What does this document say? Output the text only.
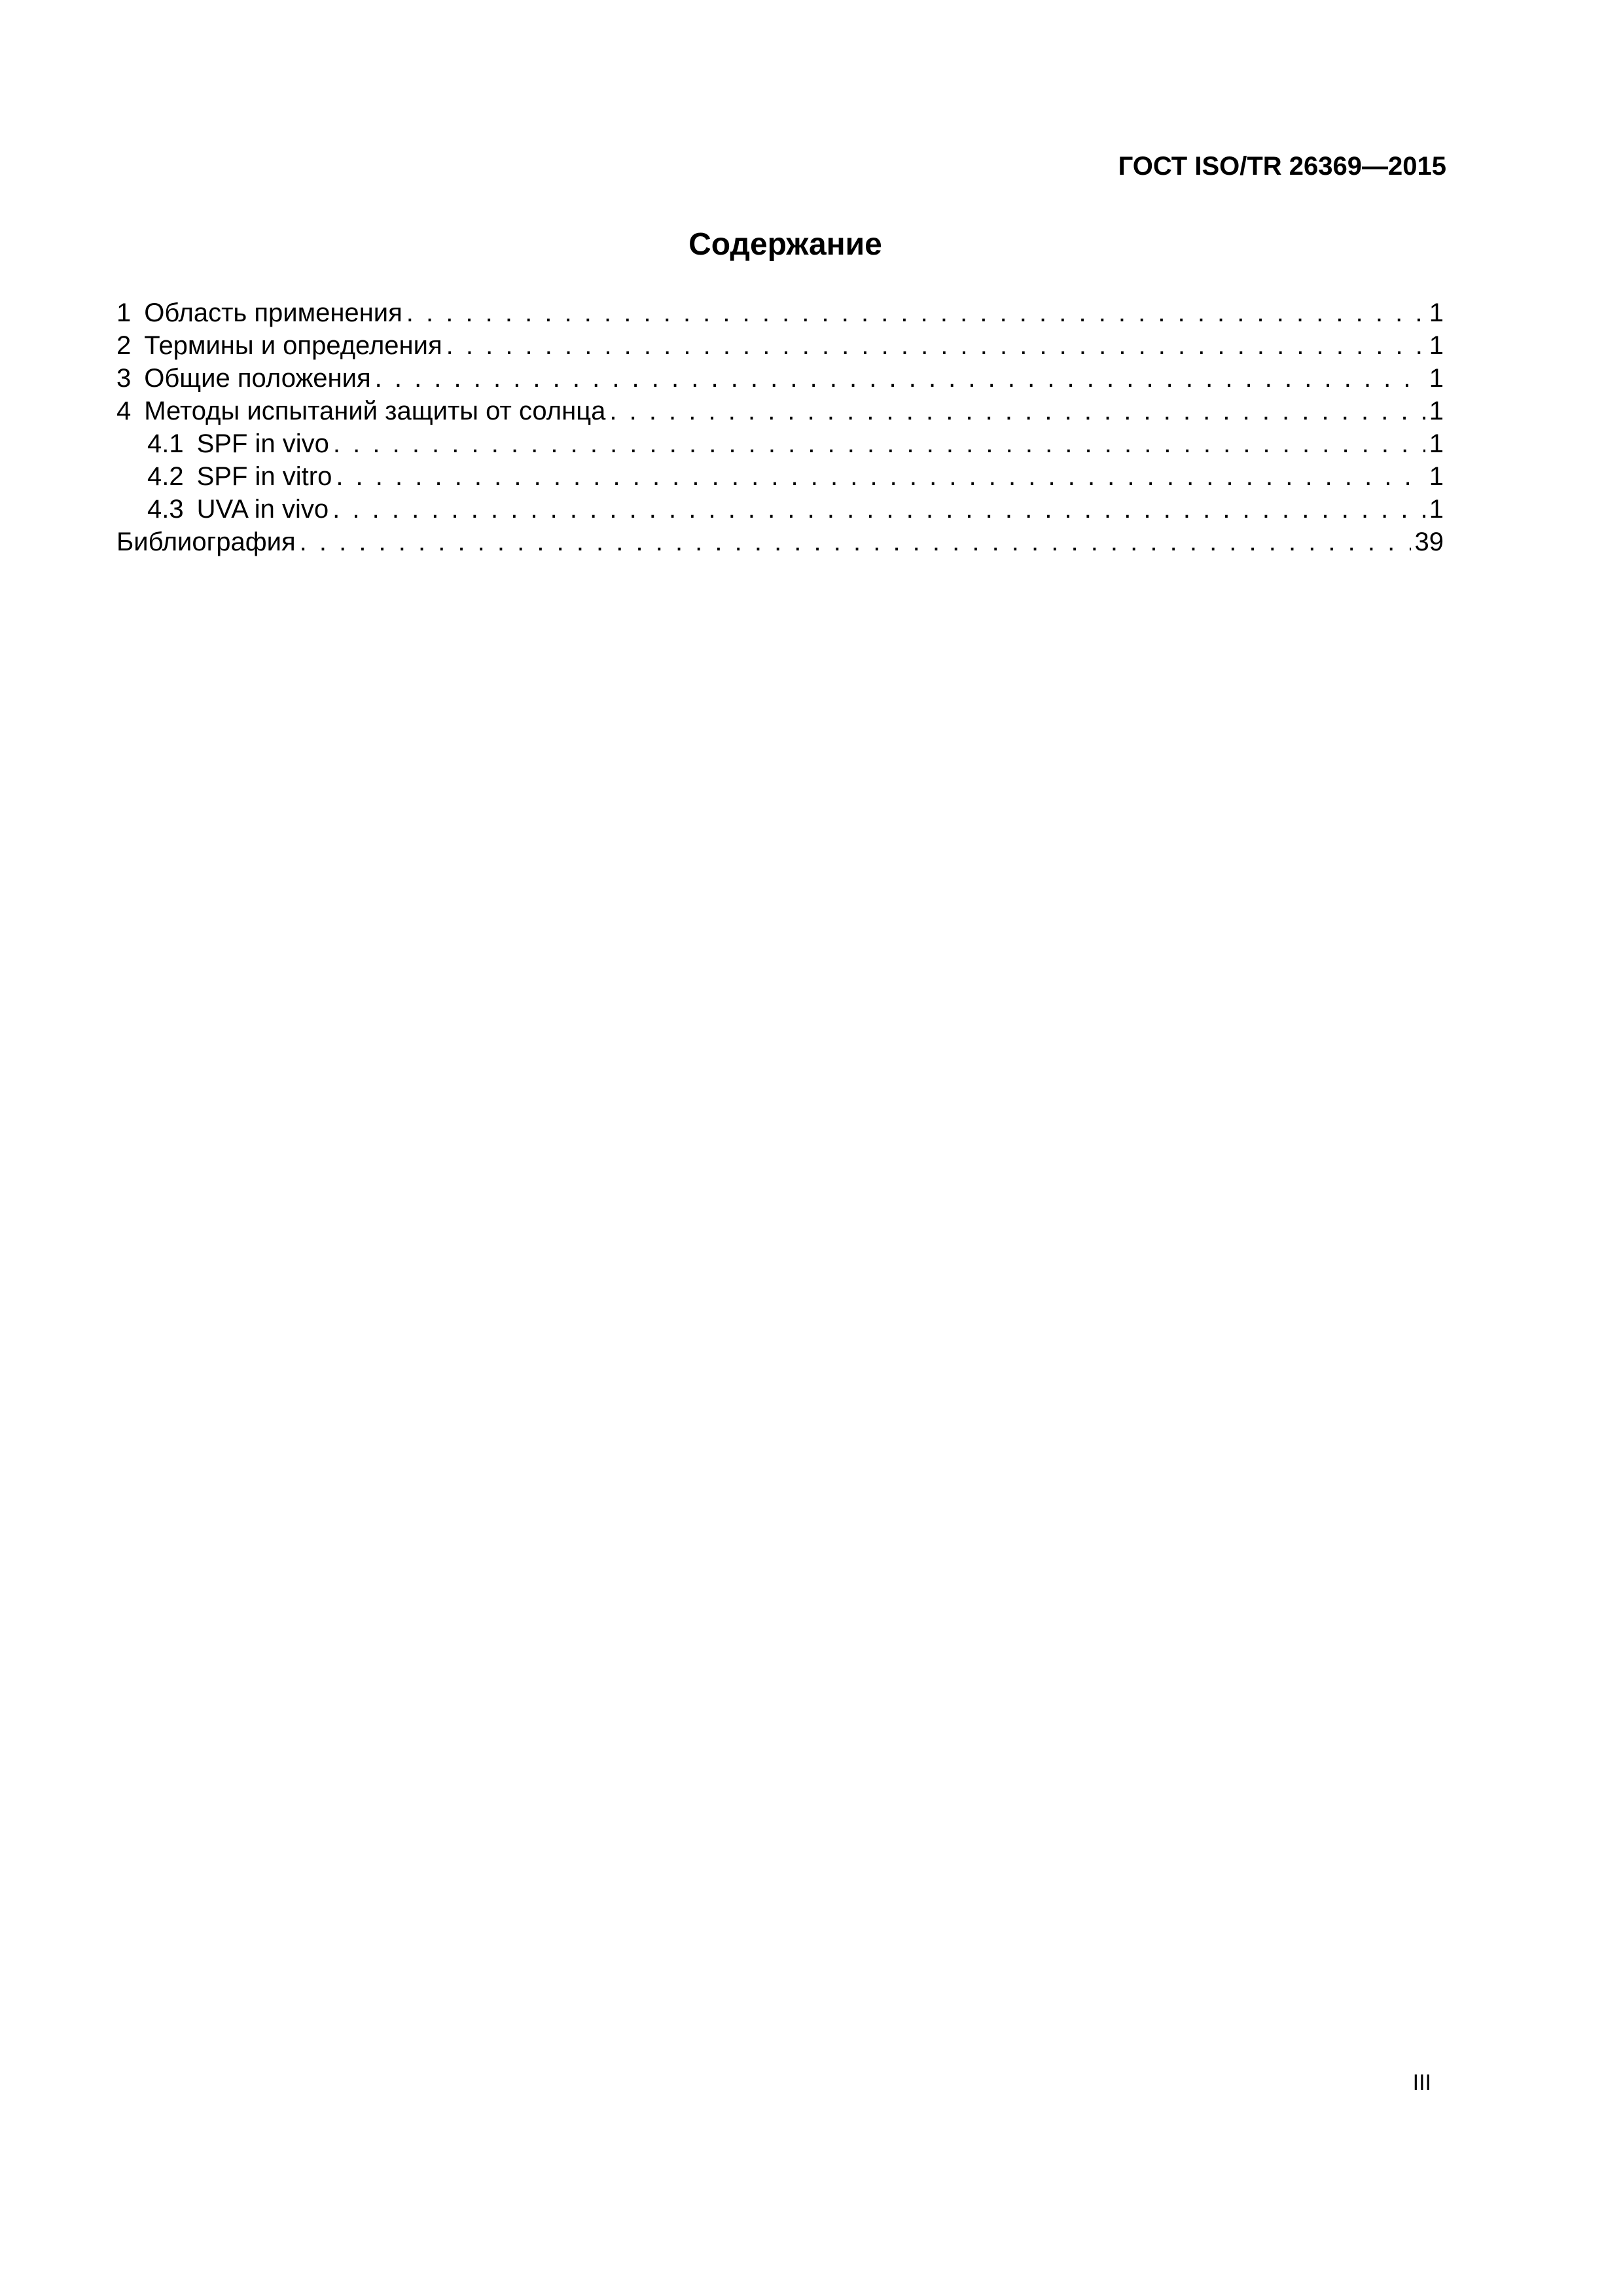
ГОСТ ISO/TR 26369—2015
Содержание
1 Область применения . . .	1
2 Термины и определения . . .	1
3 Общие положения . . .	1
4 Методы испытаний защиты от солнца . . .	1
4.1 SPF in vivo . . .	1
4.2 SPF in vitro . . .	1
4.3 UVA in vivo . . .	1
Библиография . . .	39
III
